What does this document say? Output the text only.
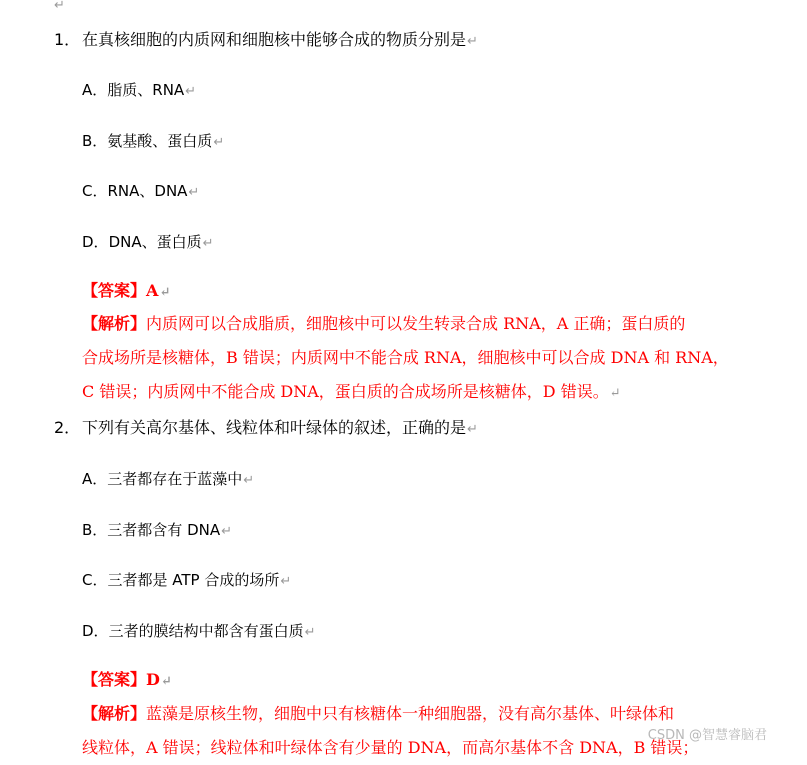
↵
1． 在真核细胞的内质网和细胞核中能够合成的物质分别是↵
A．脂质、RNA↵
B．氨基酸、蛋白质↵
C．RNA、DNA↵
D．DNA、蛋白质↵
【答案】A↵
【解析】内质网可以合成脂质，细胞核中可以发生转录合成 RNA，A 正确；蛋白质的
合成场所是核糖体，B 错误；内质网中不能合成 RNA，细胞核中可以合成 DNA 和 RNA，
C 错误；内质网中不能合成 DNA，蛋白质的合成场所是核糖体，D 错误。↵
2． 下列有关高尔基体、线粒体和叶绿体的叙述，正确的是↵
A．三者都存在于蓝藻中↵
B．三者都含有 DNA↵
C．三者都是 ATP 合成的场所↵
D．三者的膜结构中都含有蛋白质↵
【答案】D↵
【解析】蓝藻是原核生物，细胞中只有核糖体一种细胞器，没有高尔基体、叶绿体和
线粒体，A 错误；线粒体和叶绿体含有少量的 DNA，而高尔基体不含 DNA，B 错误；
CSDN @智慧睿脑君
